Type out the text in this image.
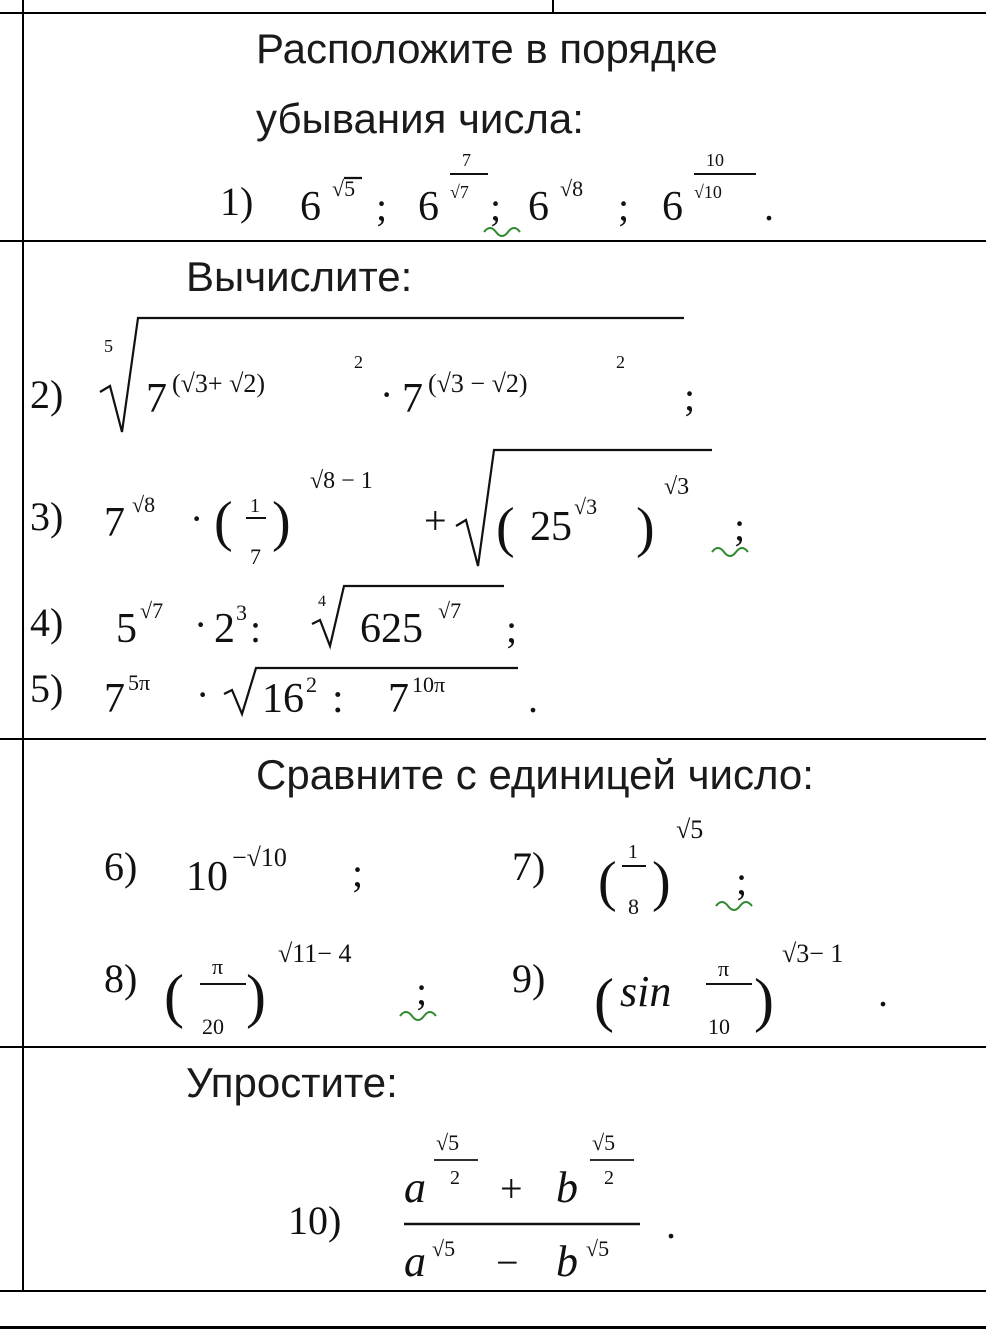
Расположите в порядке
убывания числа:
Вычислите:
Сравните с единицей число:
Упростите:
1) 6 √5 ; 6
7
√7 ; 6 √8 ; 6
10
√10 .
2)
5
7 (√3+ √2)
2
· 7 (√3 − √2)
2
;
3) 7 √8 · ( 1
7
)
√8 − 1
+ ( 25 √3 )
√3
;
4) 5 √7 · 2 3 :
4
625 √7 ;
5) 7 5π · 16 2 : 7 10π .
6) 10 −√10 ;	7) ( 1
8 )
√5
;
8) ( π
20 )
√11− 4
; 9) ( sin π
10 )
√3− 1
.
10)
a
√5
2 + b
√5
2
a √5 − b √5
.
